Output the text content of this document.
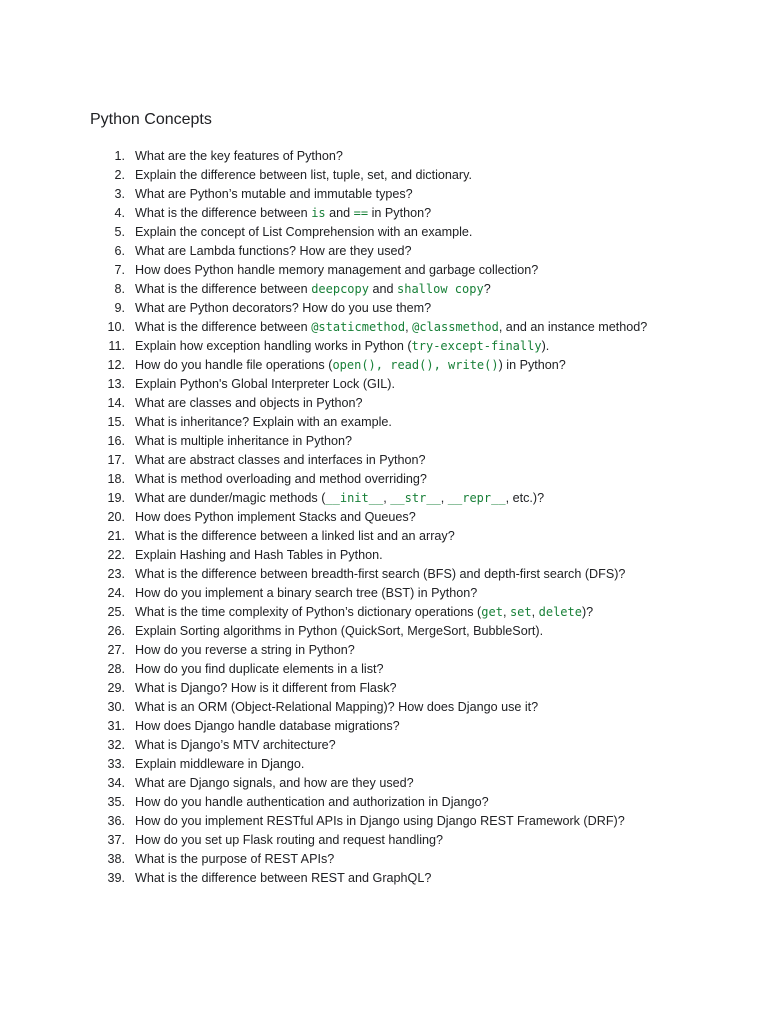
Python Concepts
1. What are the key features of Python?
2. Explain the difference between list, tuple, set, and dictionary.
3. What are Python’s mutable and immutable types?
4. What is the difference between is and == in Python?
5. Explain the concept of List Comprehension with an example.
6. What are Lambda functions? How are they used?
7. How does Python handle memory management and garbage collection?
8. What is the difference between deepcopy and shallow copy?
9. What are Python decorators? How do you use them?
10. What is the difference between @staticmethod, @classmethod, and an instance method?
11. Explain how exception handling works in Python (try-except-finally).
12. How do you handle file operations (open(), read(), write()) in Python?
13. Explain Python's Global Interpreter Lock (GIL).
14. What are classes and objects in Python?
15. What is inheritance? Explain with an example.
16. What is multiple inheritance in Python?
17. What are abstract classes and interfaces in Python?
18. What is method overloading and method overriding?
19. What are dunder/magic methods (__init__, __str__, __repr__, etc.)?
20. How does Python implement Stacks and Queues?
21. What is the difference between a linked list and an array?
22. Explain Hashing and Hash Tables in Python.
23. What is the difference between breadth-first search (BFS) and depth-first search (DFS)?
24. How do you implement a binary search tree (BST) in Python?
25. What is the time complexity of Python’s dictionary operations (get, set, delete)?
26. Explain Sorting algorithms in Python (QuickSort, MergeSort, BubbleSort).
27. How do you reverse a string in Python?
28. How do you find duplicate elements in a list?
29. What is Django? How is it different from Flask?
30. What is an ORM (Object-Relational Mapping)? How does Django use it?
31. How does Django handle database migrations?
32. What is Django’s MTV architecture?
33. Explain middleware in Django.
34. What are Django signals, and how are they used?
35. How do you handle authentication and authorization in Django?
36. How do you implement RESTful APIs in Django using Django REST Framework (DRF)?
37. How do you set up Flask routing and request handling?
38. What is the purpose of REST APIs?
39. What is the difference between REST and GraphQL?
